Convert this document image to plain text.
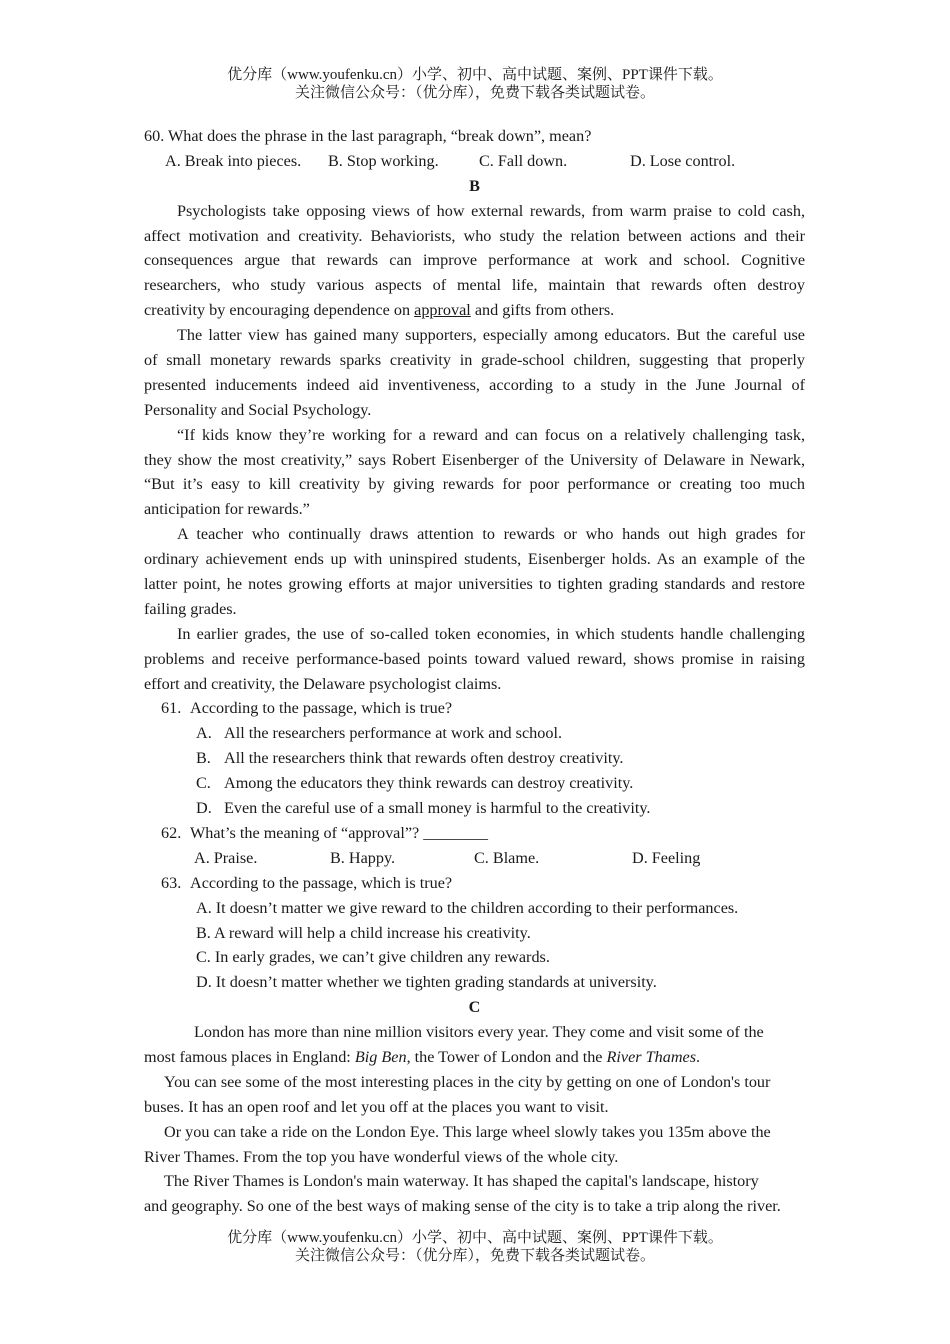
优分库（www.youfenku.cn）小学、初中、高中试题、案例、PPT课件下载。
关注微信公众号：（优分库），免费下载各类试题试卷。
60. What does the phrase in the last paragraph, “break down”, mean?
A. Break into pieces. B. Stop working. C. Fall down.	D. Lose control.
B
Psychologists take opposing views of how external rewards, from warm praise to cold cash,
affect motivation and creativity. Behaviorists, who study the relation between actions and their
consequences argue that rewards can improve performance at work and school. Cognitive
researchers, who study various aspects of mental life, maintain that rewards often destroy
creativity by encouraging dependence on approval and gifts from others.
The latter view has gained many supporters, especially among educators. But the careful use
of small monetary rewards sparks creativity in grade-school children, suggesting that properly
presented inducements indeed aid inventiveness, according to a study in the June Journal of
Personality and Social Psychology.
“If kids know they’re working for a reward and can focus on a relatively challenging task,
they show the most creativity,” says Robert Eisenberger of the University of Delaware in Newark,
“But it’s easy to kill creativity by giving rewards for poor performance or creating too much
anticipation for rewards.”
A teacher who continually draws attention to rewards or who hands out high grades for
ordinary achievement ends up with uninspired students, Eisenberger holds. As an example of the
latter point, he notes growing efforts at major universities to tighten grading standards and restore
failing grades.
In earlier grades, the use of so-called token economies, in which students handle challenging
problems and receive performance-based points toward valued reward, shows promise in raising
effort and creativity, the Delaware psychologist claims.
61. According to the passage, which is true?
A. All the researchers performance at work and school.
B. All the researchers think that rewards often destroy creativity.
C. Among the educators they think rewards can destroy creativity.
D. Even the careful use of a small money is harmful to the creativity.
62. What’s the meaning of “approval”? ________
A. Praise.	B. Happy.	C. Blame.	D. Feeling
63. According to the passage, which is true?
A. It doesn’t matter we give reward to the children according to their performances.
B. A reward will help a child increase his creativity.
C. In early grades, we can’t give children any rewards.
D. It doesn’t matter whether we tighten grading standards at university.
C
London has more than nine million visitors every year. They come and visit some of the
most famous places in England: Big Ben, the Tower of London and the River Thames.
You can see some of the most interesting places in the city by getting on one of London's tour
buses. It has an open roof and let you off at the places you want to visit.
Or you can take a ride on the London Eye. This large wheel slowly takes you 135m above the
River Thames. From the top you have wonderful views of the whole city.
The River Thames is London's main waterway. It has shaped the capital's landscape, history
and geography. So one of the best ways of making sense of the city is to take a trip along the river.
优分库（www.youfenku.cn）小学、初中、高中试题、案例、PPT课件下载。
关注微信公众号：（优分库），免费下载各类试题试卷。
